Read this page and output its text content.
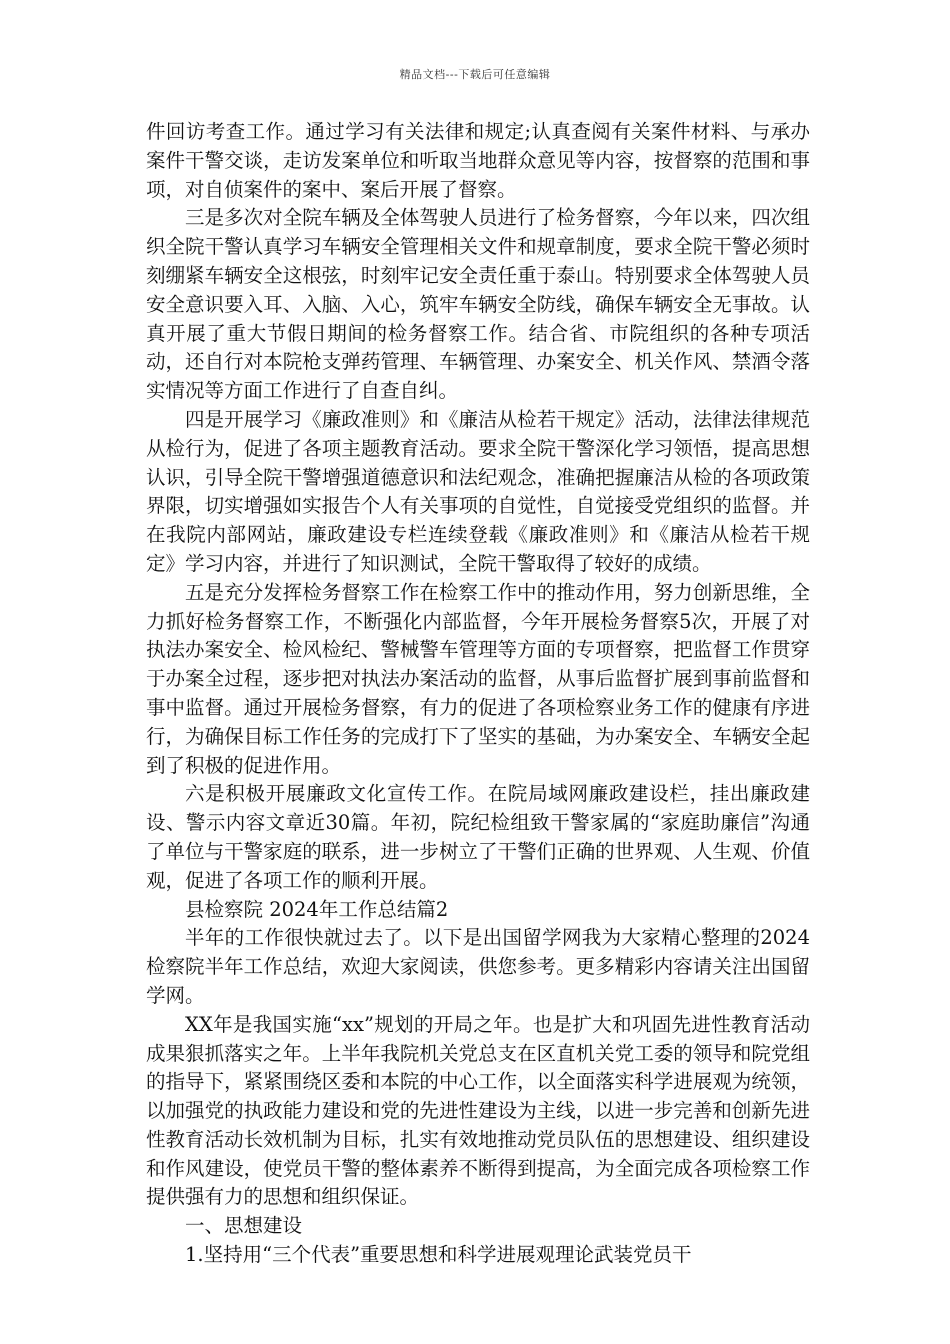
精品文档---下载后可任意编辑

件回访考查工作。通过学习有关法律和规定;认真查阅有关案件材料、与承办案件干警交谈，走访发案单位和听取当地群众意见等内容，按督察的范围和事项，对自侦案件的案中、案后开展了督察。

三是多次对全院车辆及全体驾驶人员进行了检务督察，今年以来，四次组织全院干警认真学习车辆安全管理相关文件和规章制度，要求全院干警必须时刻绷紧车辆安全这根弦，时刻牢记安全责任重于泰山。特别要求全体驾驶人员安全意识要入耳、入脑、入心，筑牢车辆安全防线，确保车辆安全无事故。认真开展了重大节假日期间的检务督察工作。结合省、市院组织的各种专项活动，还自行对本院枪支弹药管理、车辆管理、办案安全、机关作风、禁酒令落实情况等方面工作进行了自查自纠。

四是开展学习《廉政准则》和《廉洁从检若干规定》活动，法律法律规范从检行为，促进了各项主题教育活动。要求全院干警深化学习领悟，提高思想认识，引导全院干警增强道德意识和法纪观念，准确把握廉洁从检的各项政策界限，切实增强如实报告个人有关事项的自觉性，自觉接受党组织的监督。并在我院内部网站，廉政建设专栏连续登载《廉政准则》和《廉洁从检若干规定》学习内容，并进行了知识测试，全院干警取得了较好的成绩。

五是充分发挥检务督察工作在检察工作中的推动作用，努力创新思维，全力抓好检务督察工作，不断强化内部监督，今年开展检务督察5次，开展了对执法办案安全、检风检纪、警械警车管理等方面的专项督察，把监督工作贯穿于办案全过程，逐步把对执法办案活动的监督，从事后监督扩展到事前监督和事中监督。通过开展检务督察，有力的促进了各项检察业务工作的健康有序进行，为确保目标工作任务的完成打下了坚实的基础，为办案安全、车辆安全起到了积极的促进作用。

六是积极开展廉政文化宣传工作。在院局域网廉政建设栏，挂出廉政建设、警示内容文章近30篇。年初，院纪检组致干警家属的“家庭助廉信”沟通了单位与干警家庭的联系，进一步树立了干警们正确的世界观、人生观、价值观，促进了各项工作的顺利开展。

县检察院 2024年工作总结篇2

半年的工作很快就过去了。以下是出国留学网我为大家精心整理的2024检察院半年工作总结，欢迎大家阅读，供您参考。更多精彩内容请关注出国留学网。

XX年是我国实施“xx”规划的开局之年。也是扩大和巩固先进性教育活动成果狠抓落实之年。上半年我院机关党总支在区直机关党工委的领导和院党组的指导下，紧紧围绕区委和本院的中心工作，以全面落实科学进展观为统领，以加强党的执政能力建设和党的先进性建设为主线，以进一步完善和创新先进性教育活动长效机制为目标，扎实有效地推动党员队伍的思想建设、组织建设和作风建设，使党员干警的整体素养不断得到提高，为全面完成各项检察工作提供强有力的思想和组织保证。

一、思想建设

1.坚持用“三个代表”重要思想和科学进展观理论武装党员干
